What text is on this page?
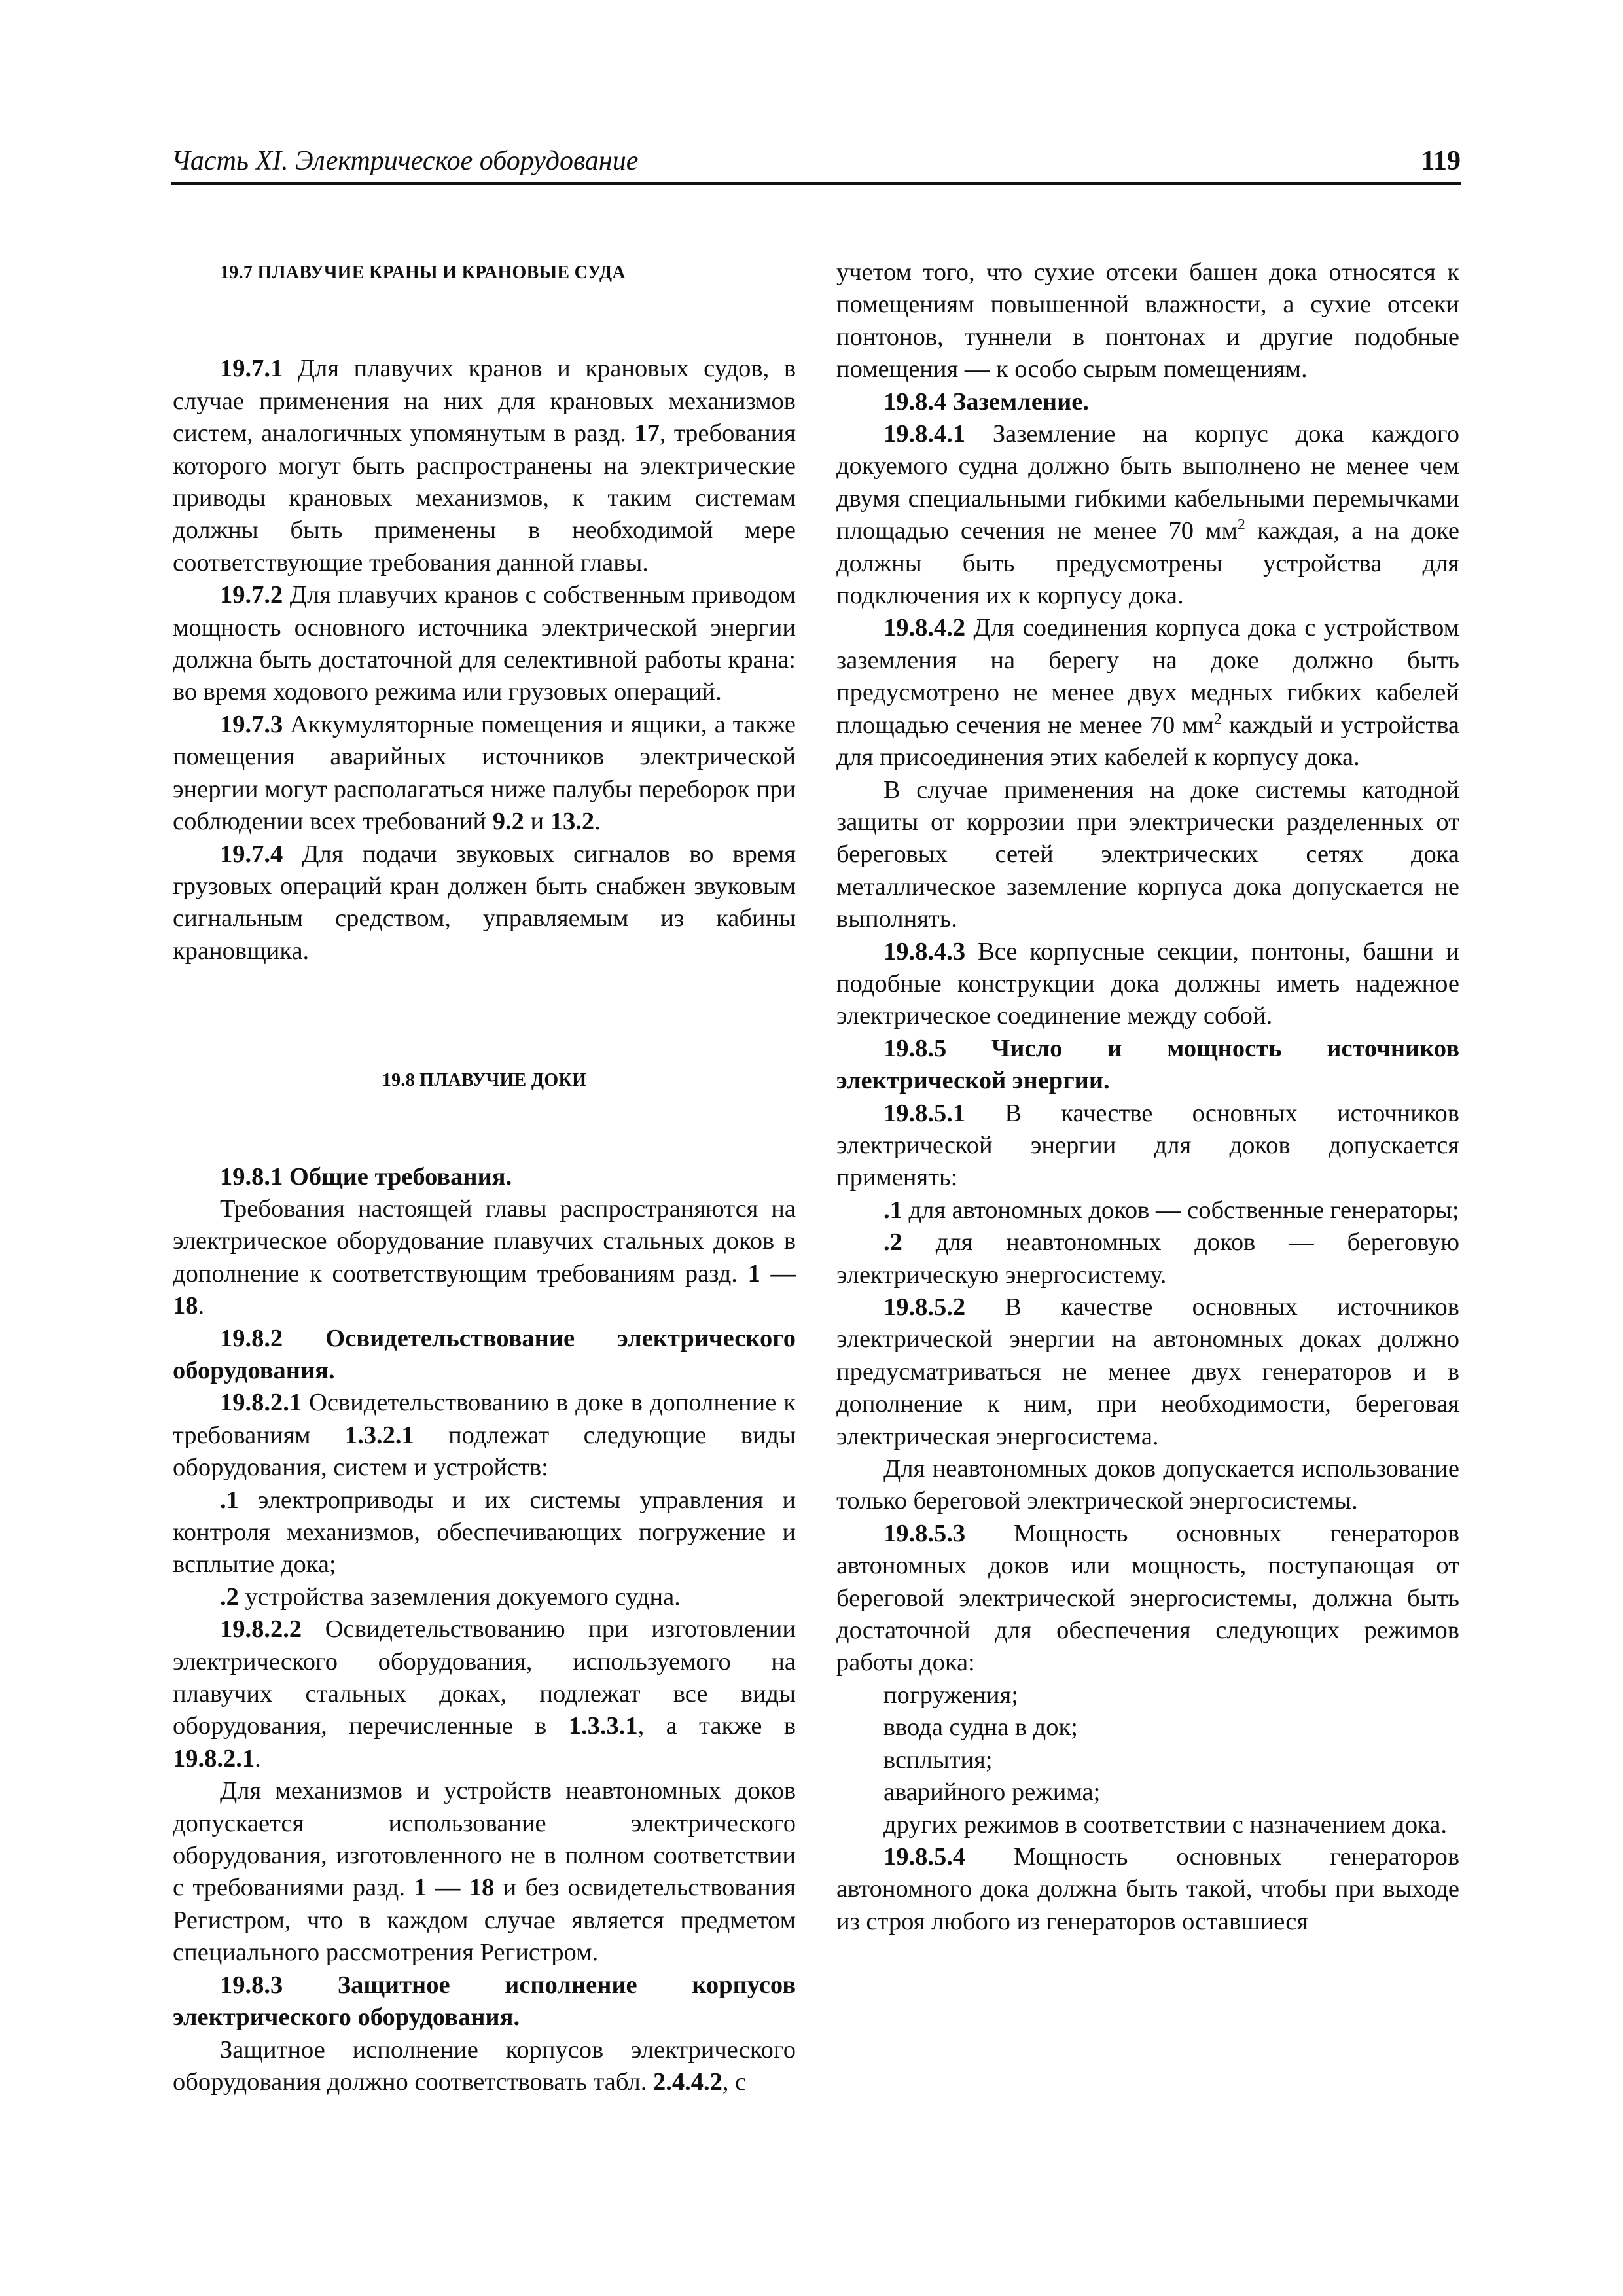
Часть XI. Электрическое оборудование	119

19.7 ПЛАВУЧИЕ КРАНЫ И КРАНОВЫЕ СУДА

19.7.1 Для плавучих кранов и крановых судов, в случае применения на них для крановых механизмов систем, аналогичных упомянутым в разд. 17, требования которого могут быть распространены на электрические приводы крановых механизмов, к таким системам должны быть применены в необходимой мере соответствующие требования данной главы.

19.7.2 Для плавучих кранов с собственным приводом мощность основного источника электрической энергии должна быть достаточной для селективной работы крана: во время ходового режима или грузовых операций.

19.7.3 Аккумуляторные помещения и ящики, а также помещения аварийных источников электрической энергии могут располагаться ниже палубы переборок при соблюдении всех требований 9.2 и 13.2.

19.7.4 Для подачи звуковых сигналов во время грузовых операций кран должен быть снабжен звуковым сигнальным средством, управляемым из кабины крановщика.

19.8 ПЛАВУЧИЕ ДОКИ

19.8.1 Общие требования.

Требования настоящей главы распространяются на электрическое оборудование плавучих стальных доков в дополнение к соответствующим требованиям разд. 1 — 18.

19.8.2 Освидетельствование электрического оборудования.

19.8.2.1 Освидетельствованию в доке в дополнение к требованиям 1.3.2.1 подлежат следующие виды оборудования, систем и устройств:

.1 электроприводы и их системы управления и контроля механизмов, обеспечивающих погружение и всплытие дока;

.2 устройства заземления докуемого судна.

19.8.2.2 Освидетельствованию при изготовлении электрического оборудования, используемого на плавучих стальных доках, подлежат все виды оборудования, перечисленные в 1.3.3.1, а также в 19.8.2.1.

Для механизмов и устройств неавтономных доков допускается использование электрического оборудования, изготовленного не в полном соответствии с требованиями разд. 1 — 18 и без освидетельствования Регистром, что в каждом случае является предметом специального рассмотрения Регистром.

19.8.3 Защитное исполнение корпусов электрического оборудования.

Защитное исполнение корпусов электрического оборудования должно соответствовать табл. 2.4.4.2, с

учетом того, что сухие отсеки башен дока относятся к помещениям повышенной влажности, а сухие отсеки понтонов, туннели в понтонах и другие подобные помещения — к особо сырым помещениям.

19.8.4 Заземление.

19.8.4.1 Заземление на корпус дока каждого докуемого судна должно быть выполнено не менее чем двумя специальными гибкими кабельными перемычками площадью сечения не менее 70 $мм^2$ каждая, а на доке должны быть предусмотрены устройства для подключения их к корпусу дока.

19.8.4.2 Для соединения корпуса дока с устройством заземления на берегу на доке должно быть предусмотрено не менее двух медных гибких кабелей площадью сечения не менее 70 $мм^2$ каждый и устройства для присоединения этих кабелей к корпусу дока.

В случае применения на доке системы катодной защиты от коррозии при электрически разделенных от береговых сетей электрических сетях дока металлическое заземление корпуса дока допускается не выполнять.

19.8.4.3 Все корпусные секции, понтоны, башни и подобные конструкции дока должны иметь надежное электрическое соединение между собой.

19.8.5 Число и мощность источников электрической энергии.

19.8.5.1 В качестве основных источников электрической энергии для доков допускается применять:

.1 для автономных доков — собственные генераторы;

.2 для неавтономных доков — береговую электрическую энергосистему.

19.8.5.2 В качестве основных источников электрической энергии на автономных доках должно предусматриваться не менее двух генераторов и в дополнение к ним, при необходимости, береговая электрическая энергосистема.

Для неавтономных доков допускается использование только береговой электрической энергосистемы.

19.8.5.3 Мощность основных генераторов автономных доков или мощность, поступающая от береговой электрической энергосистемы, должна быть достаточной для обеспечения следующих режимов работы дока:

погружения;

ввода судна в док;

всплытия;

аварийного режима;

других режимов в соответствии с назначением дока.

19.8.5.4 Мощность основных генераторов автономного дока должна быть такой, чтобы при выходе из строя любого из генераторов оставшиеся
